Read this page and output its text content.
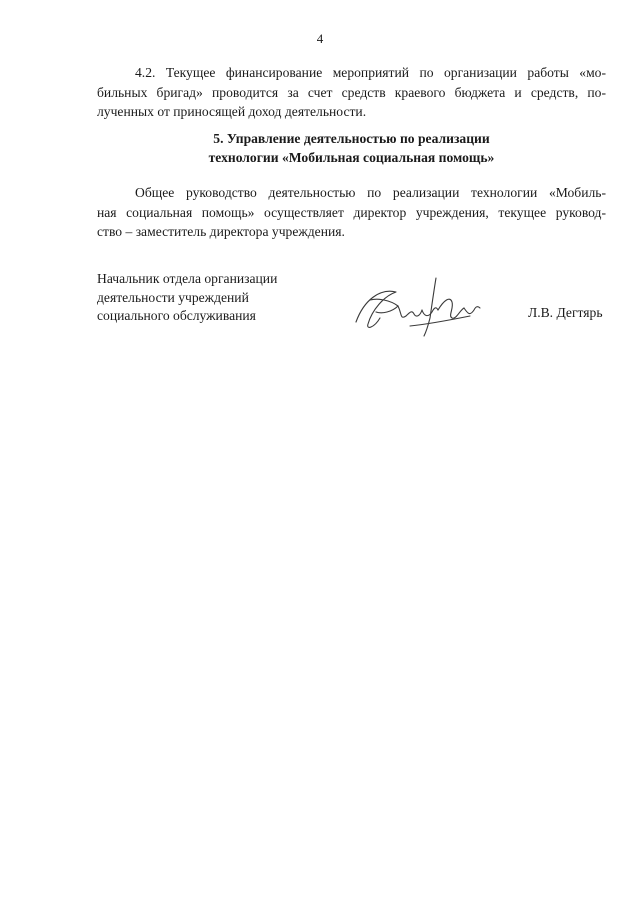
4
4.2. Текущее финансирование мероприятий по организации работы «мо-
бильных бригад» проводится за счет средств краевого бюджета и средств, по-
лученных от приносящей доход деятельности.
5. Управление деятельностью по реализации
технологии «Мобильная социальная помощь»
Общее руководство деятельностью по реализации технологии «Мобиль-
ная социальная помощь» осуществляет директор учреждения, текущее руковод-
ство – заместитель директора учреждения.
Начальник отдела организации
деятельности учреждений
социального обслуживания	Л.В. Дегтярь
